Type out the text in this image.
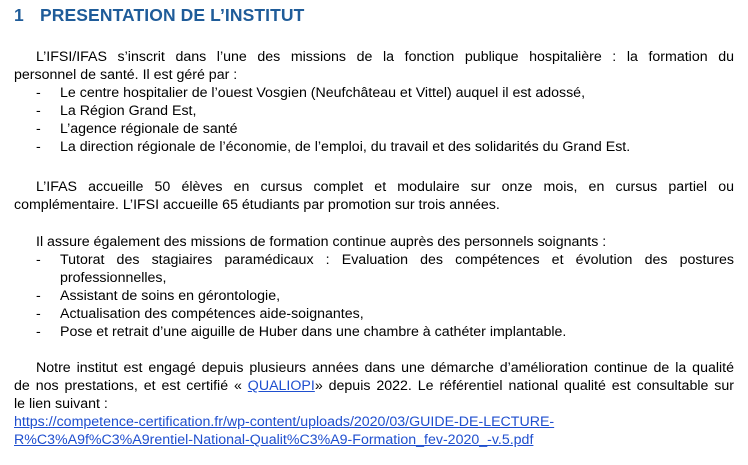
1 PRESENTATION DE L’INSTITUT
L’IFSI/IFAS s’inscrit dans l’une des missions de la fonction publique hospitalière : la formation du
personnel de santé. Il est géré par :
- Le centre hospitalier de l’ouest Vosgien (Neufchâteau et Vittel) auquel il est adossé,
- La Région Grand Est,
- L’agence régionale de santé
- La direction régionale de l’économie, de l’emploi, du travail et des solidarités du Grand Est.
L’IFAS accueille 50 élèves en cursus complet et modulaire sur onze mois, en cursus partiel ou
complémentaire. L’IFSI accueille 65 étudiants par promotion sur trois années.
Il assure également des missions de formation continue auprès des personnels soignants :
- Tutorat des stagiaires paramédicaux : Evaluation des compétences et évolution des postures
professionnelles,
- Assistant de soins en gérontologie,
- Actualisation des compétences aide-soignantes,
- Pose et retrait d’une aiguille de Huber dans une chambre à cathéter implantable.
Notre institut est engagé depuis plusieurs années dans une démarche d’amélioration continue de la qualité
de nos prestations, et est certifié « QUALIOPI» depuis 2022. Le référentiel national qualité est consultable sur
le lien suivant :
https://competence-certification.fr/wp-content/uploads/2020/03/GUIDE-DE-LECTURE-
R%C3%A9f%C3%A9rentiel-National-Qualit%C3%A9-Formation_fev-2020_-v.5.pdf
